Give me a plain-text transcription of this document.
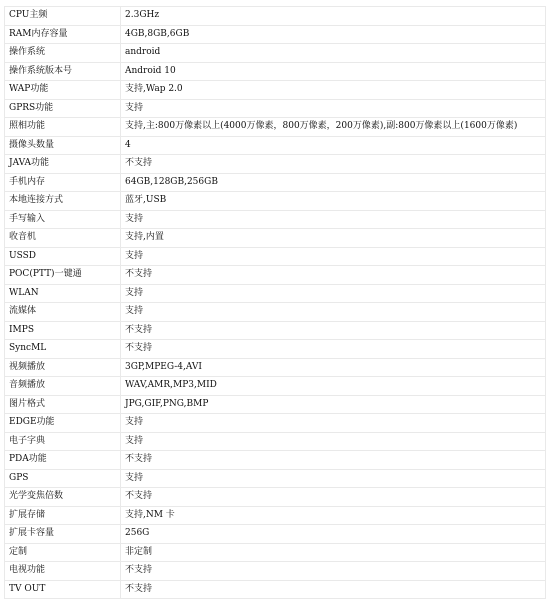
CPU主频	2.3GHz
RAM内存容量	4GB,8GB,6GB
操作系统	android
操作系统版本号	Android 10
WAP功能	支持,Wap 2.0
GPRS功能	支持
照相功能	支持,主:800万像素以上(4000万像素，800万像素，200万像素),副:800万像素以上(1600万像素)
摄像头数量	4
JAVA功能	不支持
手机内存	64GB,128GB,256GB
本地连接方式	蓝牙,USB
手写输入	支持
收音机	支持,内置
USSD	支持
POC(PTT)一键通	不支持
WLAN	支持
流媒体	支持
IMPS	不支持
SyncML	不支持
视频播放	3GP,MPEG-4,AVI
音频播放	WAV,AMR,MP3,MID
图片格式	JPG,GIF,PNG,BMP
EDGE功能	支持
电子字典	支持
PDA功能	不支持
GPS	支持
光学变焦倍数	不支持
扩展存储	支持,NM 卡
扩展卡容量	256G
定制	非定制
电视功能	不支持
TV OUT	不支持
